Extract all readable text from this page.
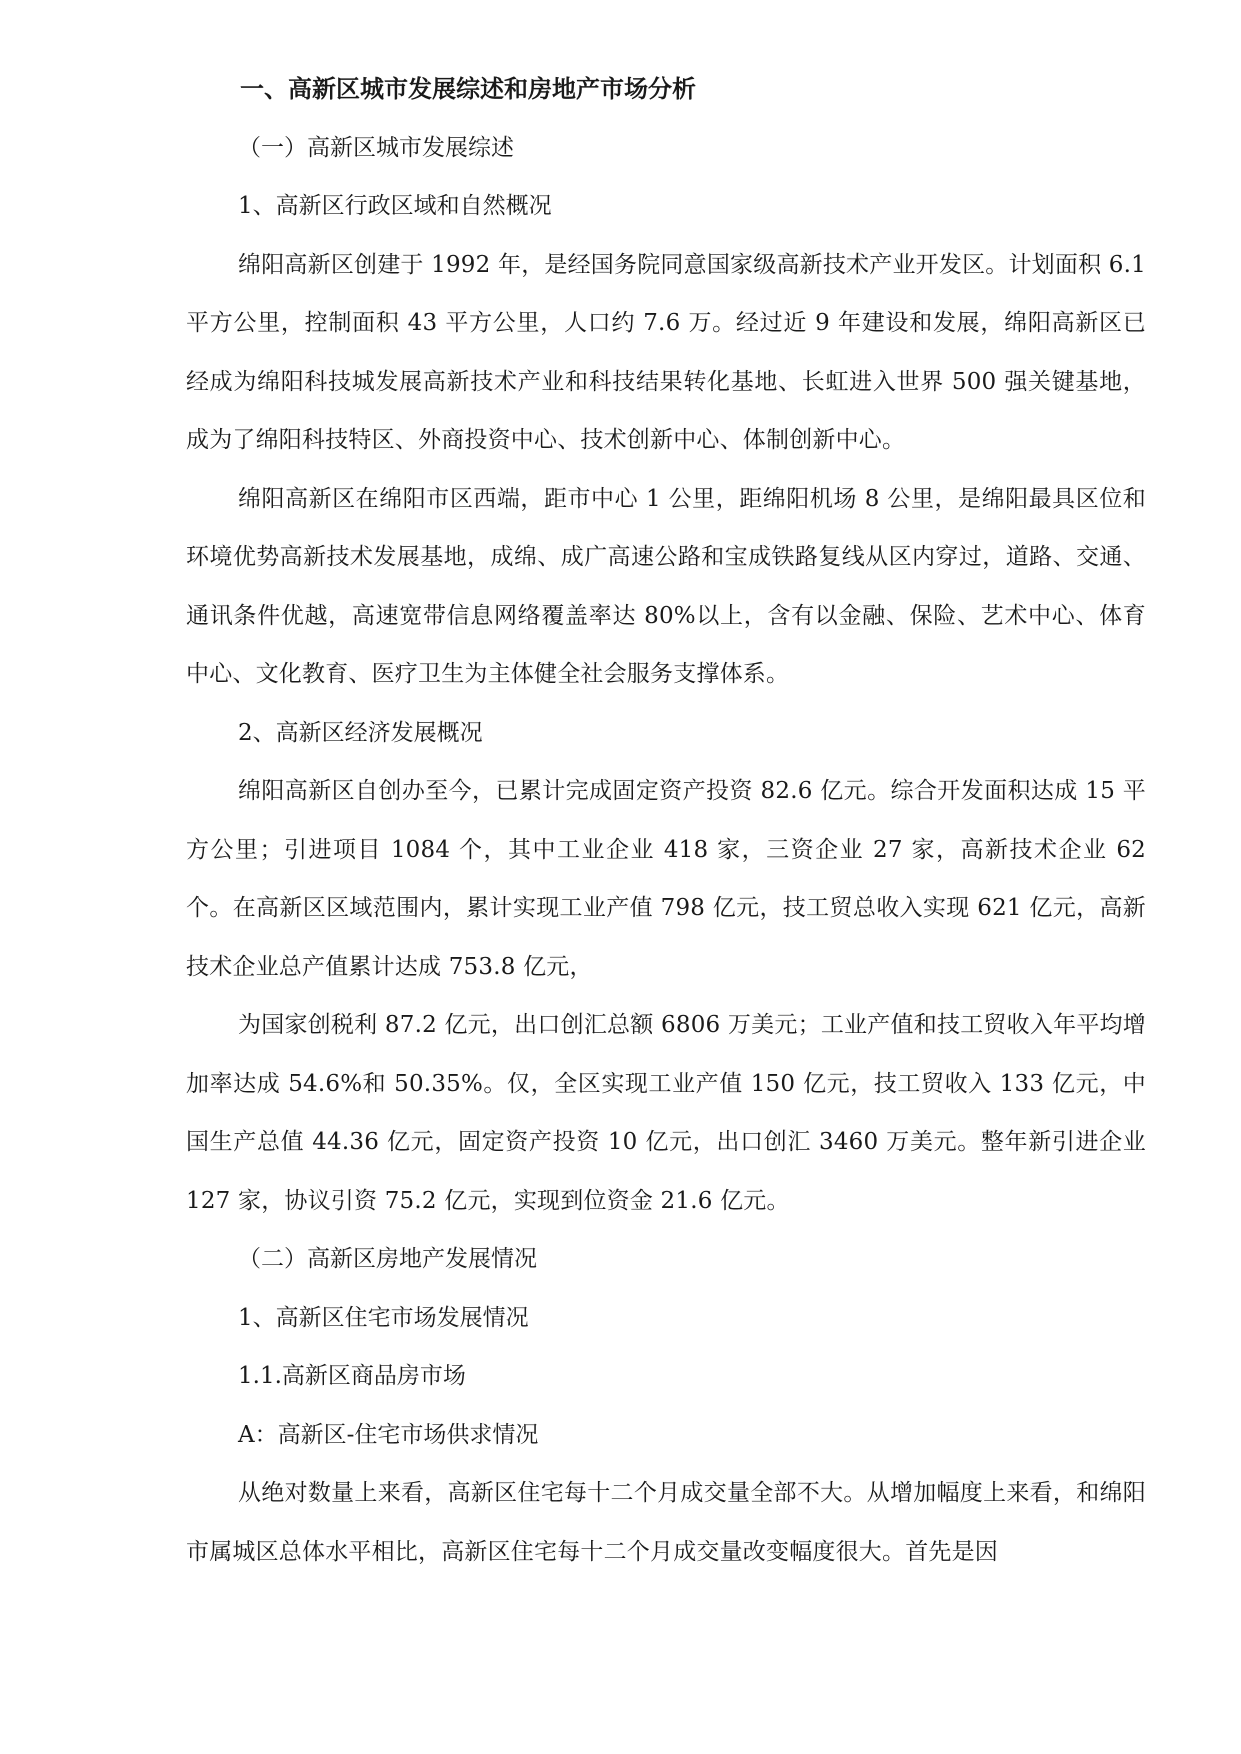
一、高新区城市发展综述和房地产市场分析

（一）高新区城市发展综述

1、高新区行政区域和自然概况

绵阳高新区创建于 1992 年，是经国务院同意国家级高新技术产业开发区。计划面积 6.1 平方公里，控制面积 43 平方公里，人口约 7.6 万。经过近 9 年建设和发展，绵阳高新区已经成为绵阳科技城发展高新技术产业和科技结果转化基地、长虹进入世界 500 强关键基地，成为了绵阳科技特区、外商投资中心、技术创新中心、体制创新中心。

绵阳高新区在绵阳市区西端，距市中心 1 公里，距绵阳机场 8 公里，是绵阳最具区位和环境优势高新技术发展基地，成绵、成广高速公路和宝成铁路复线从区内穿过，道路、交通、通讯条件优越，高速宽带信息网络覆盖率达 80%以上，含有以金融、保险、艺术中心、体育中心、文化教育、医疗卫生为主体健全社会服务支撑体系。

2、高新区经济发展概况

绵阳高新区自创办至今，已累计完成固定资产投资 82.6 亿元。综合开发面积达成 15 平方公里；引进项目 1084 个，其中工业企业 418 家，三资企业 27 家，高新技术企业 62 个。在高新区区域范围内，累计实现工业产值 798 亿元，技工贸总收入实现 621 亿元，高新技术企业总产值累计达成 753.8 亿元，

为国家创税利 87.2 亿元，出口创汇总额 6806 万美元；工业产值和技工贸收入年平均增加率达成 54.6%和 50.35%。仅，全区实现工业产值 150 亿元，技工贸收入 133 亿元，中国生产总值 44.36 亿元，固定资产投资 10 亿元，出口创汇 3460 万美元。整年新引进企业 127 家，协议引资 75.2 亿元，实现到位资金 21.6 亿元。

（二）高新区房地产发展情况

1、高新区住宅市场发展情况

1.1.高新区商品房市场

A：高新区-住宅市场供求情况

从绝对数量上来看，高新区住宅每十二个月成交量全部不大。从增加幅度上来看，和绵阳市属城区总体水平相比，高新区住宅每十二个月成交量改变幅度很大。首先是因
